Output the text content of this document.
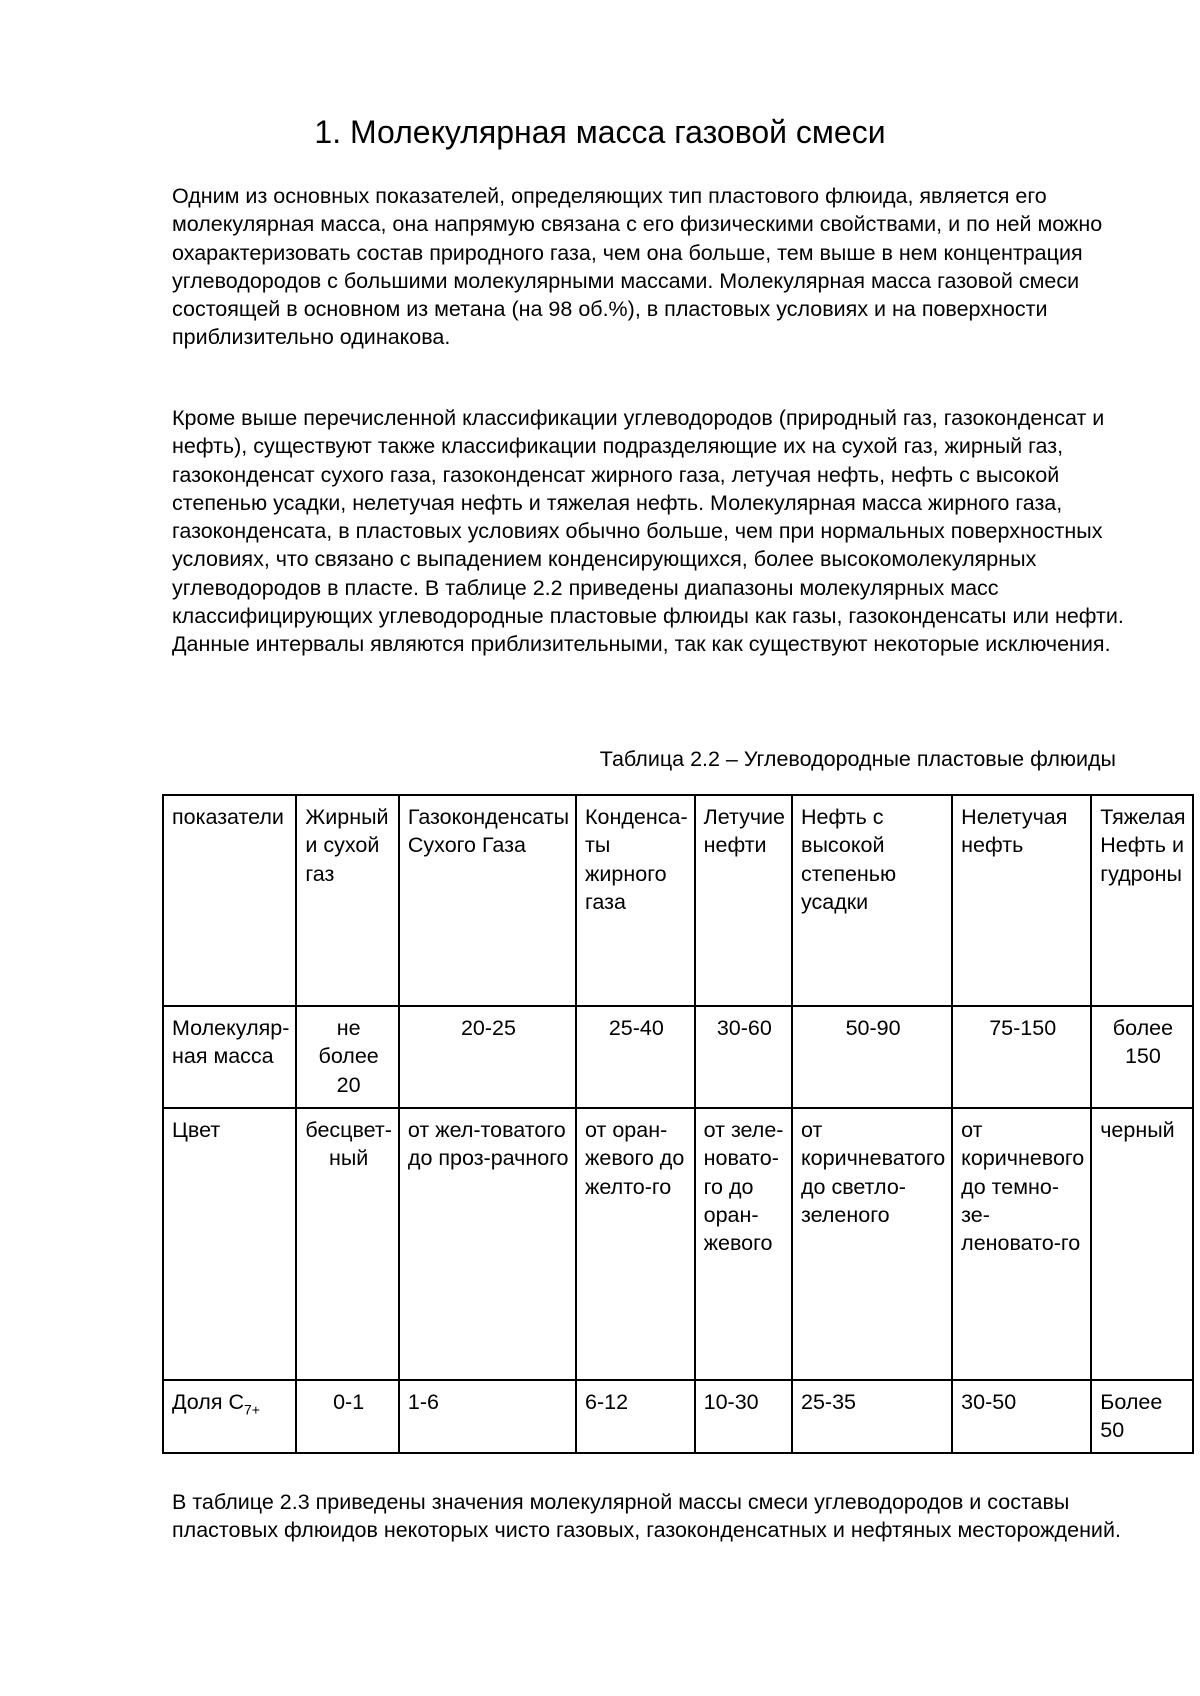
1. Молекулярная масса газовой смеси

Одним из основных показателей, определяющих тип пластового флюида, является его молекулярная масса, она напрямую связана с его физическими свойствами, и по ней можно охарактеризовать состав природного газа, чем она больше, тем выше в нем концентрация углеводородов с большими молекулярными массами. Молекулярная масса газовой смеси состоящей в основном из метана (на 98 об.%), в пластовых условиях и на поверхности приблизительно одинакова.

Кроме выше перечисленной классификации углеводородов (природный газ, газоконденсат и нефть), существуют также классификации подразделяющие их на сухой газ, жирный газ, газоконденсат сухого газа, газоконденсат жирного газа, летучая нефть, нефть с высокой степенью усадки, нелетучая нефть и тяжелая нефть. Молекулярная масса жирного газа, газоконденсата, в пластовых условиях обычно больше, чем при нормальных поверхностных условиях, что связано с выпадением конденсирующихся, более высокомолекулярных углеводородов в пласте. В таблице 2.2 приведены диапазоны молекулярных масс классифицирующих углеводородные пластовые флюиды как газы, газоконденсаты или нефти. Данные интервалы являются приблизительными, так как существуют некоторые исключения.

Таблица 2.2 – Углеводородные пластовые флюиды
показатели	Жирный и сухой газ	Газоконденсаты Сухого Газа	Конденса-ты жирного газа	Летучие нефти	Нефть с высокой степенью усадки	Нелетучая нефть	Тяжелая Нефть и гудроны
Молекуляр-ная масса	не более 20	20-25	25-40	30-60	50-90	75-150	более 150
Цвет	бесцвет-ный	от жел-товатого до проз-рачного	от оран-жевого до желто-го	от зеле-новато-го до оран-жевого	от коричневатого до светло-зеленого	от коричневого до темно-зе-леновато-го	черный
Доля $С_{7+}$	0-1	1-6	6-12	10-30	25-35	30-50	Более 50

В таблице 2.3 приведены значения молекулярной массы смеси углеводородов и составы пластовых флюидов некоторых чисто газовых, газоконденсатных и нефтяных месторождений.
